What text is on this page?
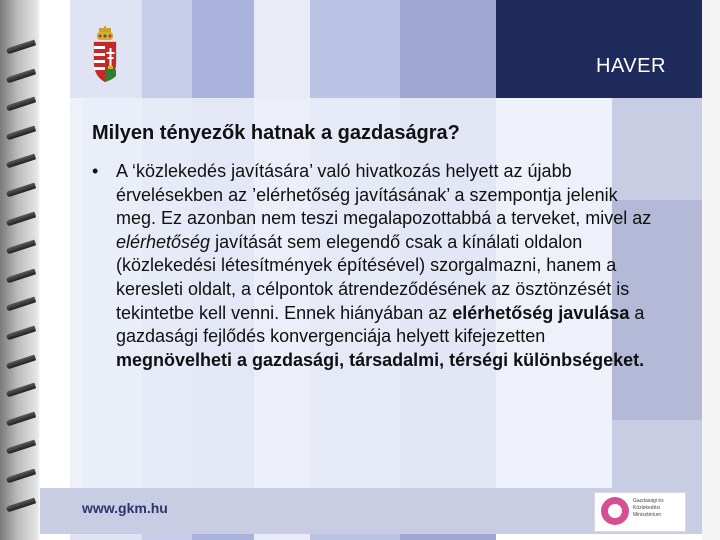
HAVER
Milyen tényezők hatnak a gazdaságra?
• A ‘közlekedés javítására’ való hivatkozás helyett az újabb érvelésekben az ’elérhetőség javításának’ a szempontja jelenik meg. Ez azonban nem teszi megalapozottabbá a terveket, mivel az elérhetőség javítását sem elegendő csak a kínálati oldalon (közlekedési létesítmények építésével) szorgalmazni, hanem a keresleti oldalt, a célpontok átrendeződésének az ösztönzését is tekintetbe kell venni. Ennek hiányában az elérhetőség javulása a gazdasági fejlődés konvergenciája helyett kifejezetten megnövelheti a gazdasági, társadalmi, térségi különbségeket.
www.gkm.hu	Gazdasági és Közlekedési Minisztérium
